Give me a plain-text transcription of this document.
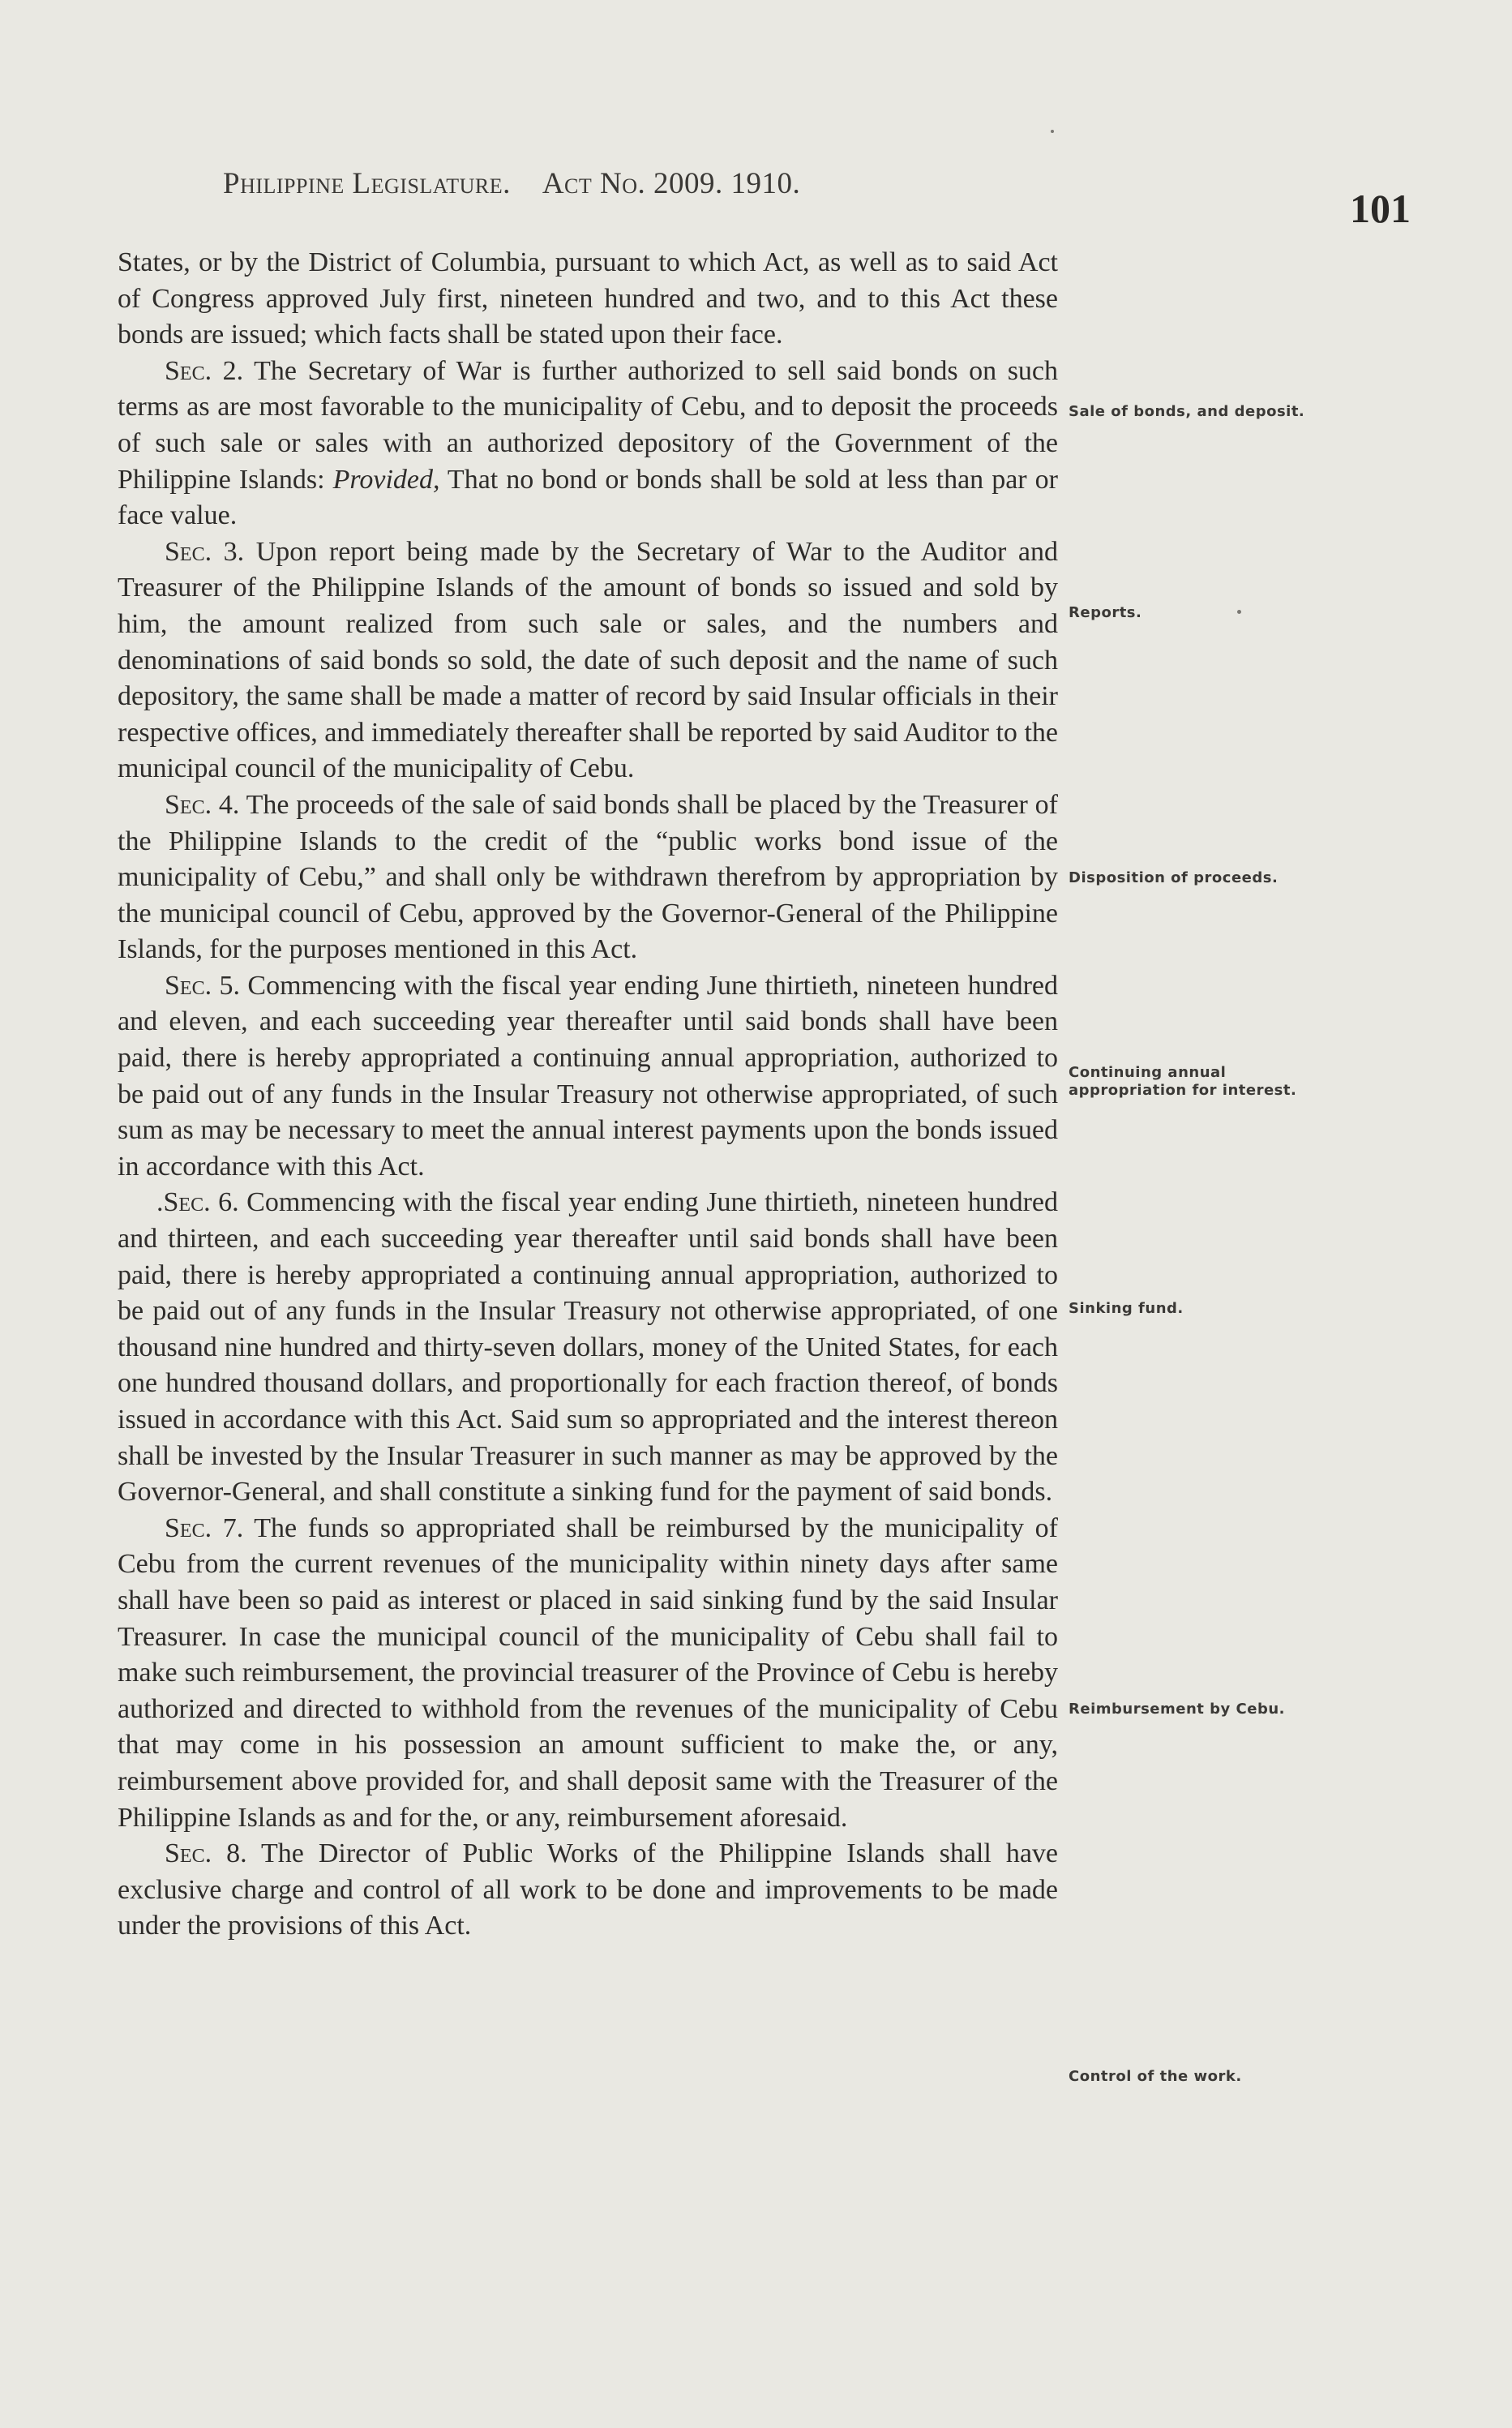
Philippine Legislature. Act No. 2009. 1910.
101

States, or by the District of Columbia, pursuant to which Act, as well as to said Act of Congress approved July first, nineteen hundred and two, and to this Act these bonds are issued; which facts shall be stated upon their face.

Sec. 2. The Secretary of War is further authorized to sell said bonds on such terms as are most favorable to the municipality of Cebu, and to deposit the proceeds of such sale or sales with an authorized depository of the Government of the Philippine Islands: Provided, That no bond or bonds shall be sold at less than par or face value.

Sec. 3. Upon report being made by the Secretary of War to the Auditor and Treasurer of the Philippine Islands of the amount of bonds so issued and sold by him, the amount realized from such sale or sales, and the numbers and denominations of said bonds so sold, the date of such deposit and the name of such depository, the same shall be made a matter of record by said Insular officials in their respective offices, and immediately thereafter shall be reported by said Auditor to the municipal council of the municipality of Cebu.

Sec. 4. The proceeds of the sale of said bonds shall be placed by the Treasurer of the Philippine Islands to the credit of the “public works bond issue of the municipality of Cebu,” and shall only be withdrawn therefrom by appropriation by the municipal council of Cebu, approved by the Governor-General of the Philippine Islands, for the purposes mentioned in this Act.

Sec. 5. Commencing with the fiscal year ending June thirtieth, nineteen hundred and eleven, and each succeeding year thereafter until said bonds shall have been paid, there is hereby appropriated a continuing annual appropriation, authorized to be paid out of any funds in the Insular Treasury not otherwise appropriated, of such sum as may be necessary to meet the annual interest payments upon the bonds issued in accordance with this Act.

.Sec. 6. Commencing with the fiscal year ending June thirtieth, nineteen hundred and thirteen, and each succeeding year thereafter until said bonds shall have been paid, there is hereby appropriated a continuing annual appropriation, authorized to be paid out of any funds in the Insular Treasury not otherwise appropriated, of one thousand nine hundred and thirty-seven dollars, money of the United States, for each one hundred thousand dollars, and proportionally for each fraction thereof, of bonds issued in accordance with this Act. Said sum so appropriated and the interest thereon shall be invested by the Insular Treasurer in such manner as may be approved by the Governor-General, and shall constitute a sinking fund for the payment of said bonds.

Sec. 7. The funds so appropriated shall be reimbursed by the municipality of Cebu from the current revenues of the municipality within ninety days after same shall have been so paid as interest or placed in said sinking fund by the said Insular Treasurer. In case the municipal council of the municipality of Cebu shall fail to make such reimbursement, the provincial treasurer of the Province of Cebu is hereby authorized and directed to withhold from the revenues of the municipality of Cebu that may come in his possession an amount sufficient to make the, or any, reimbursement above provided for, and shall deposit same with the Treasurer of the Philippine Islands as and for the, or any, reimbursement aforesaid.

Sec. 8. The Director of Public Works of the Philippine Islands shall have exclusive charge and control of all work to be done and improvements to be made under the provisions of this Act.

Sale of bonds, and deposit.
Reports.
Disposition of proceeds.
Continuing annual appropriation for interest.
Sinking fund.
Reimbursement by Cebu.
Control of the work.
